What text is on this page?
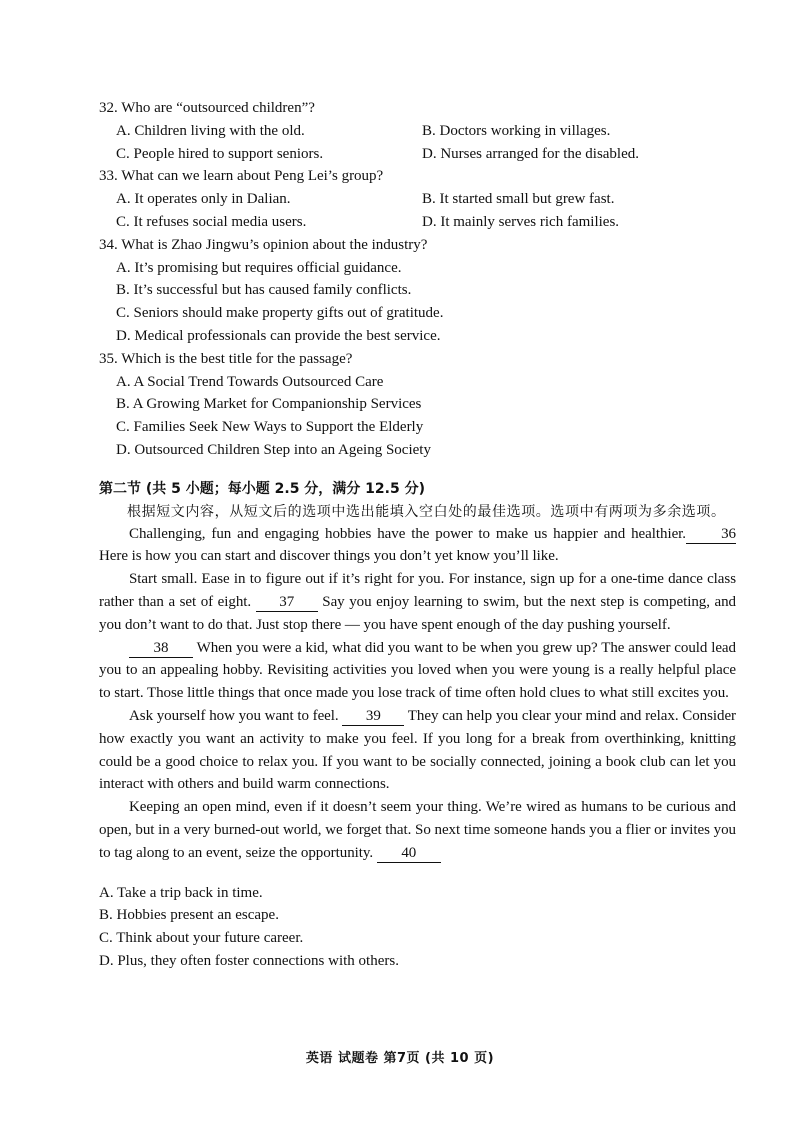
32. Who are “outsourced children”?

A. Children living with the old.	B. Doctors working in villages.
C. People hired to support seniors.	D. Nurses arranged for the disabled.

33. What can we learn about Peng Lei’s group?

A. It operates only in Dalian.	B. It started small but grew fast.
C. It refuses social media users.	D. It mainly serves rich families.

34. What is Zhao Jingwu’s opinion about the industry?

A. It’s promising but requires official guidance.

B. It’s successful but has caused family conflicts.

C. Seniors should make property gifts out of gratitude.

D. Medical professionals can provide the best service.

35. Which is the best title for the passage?

A. A Social Trend Towards Outsourced Care

B. A Growing Market for Companionship Services

C. Families Seek New Ways to Support the Elderly

D. Outsourced Children Step into an Ageing Society

第二节 (共 5 小题；每小题 2.5 分，满分 12.5 分)
根据短文内容，从短文后的选项中选出能填入空白处的最佳选项。选项中有两项为多余选项。

Challenging, fun and engaging hobbies have the power to make us happier and healthier. 36 Here is how you can start and discover things you don’t yet know you’ll like.

Start small. Ease in to figure out if it’s right for you. For instance, sign up for a one-time dance class rather than a set of eight. 37 Say you enjoy learning to swim, but the next step is competing, and you don’t want to do that. Just stop there — you have spent enough of the day pushing yourself.

38 When you were a kid, what did you want to be when you grew up? The answer could lead you to an appealing hobby. Revisiting activities you loved when you were young is a really helpful place to start. Those little things that once made you lose track of time often hold clues to what still excites you.

Ask yourself how you want to feel. 39 They can help you clear your mind and relax. Consider how exactly you want an activity to make you feel. If you long for a break from overthinking, knitting could be a good choice to relax you. If you want to be socially connected, joining a book club can let you interact with others and build warm connections.

Keeping an open mind, even if it doesn’t seem your thing. We’re wired as humans to be curious and open, but in a very burned-out world, we forget that. So next time someone hands you a flier or invites you to tag along to an event, seize the opportunity. 40

A. Take a trip back in time.

B. Hobbies present an escape.

C. Think about your future career.

D. Plus, they often foster connections with others.

英语 试题卷 第7页 (共 10 页)
